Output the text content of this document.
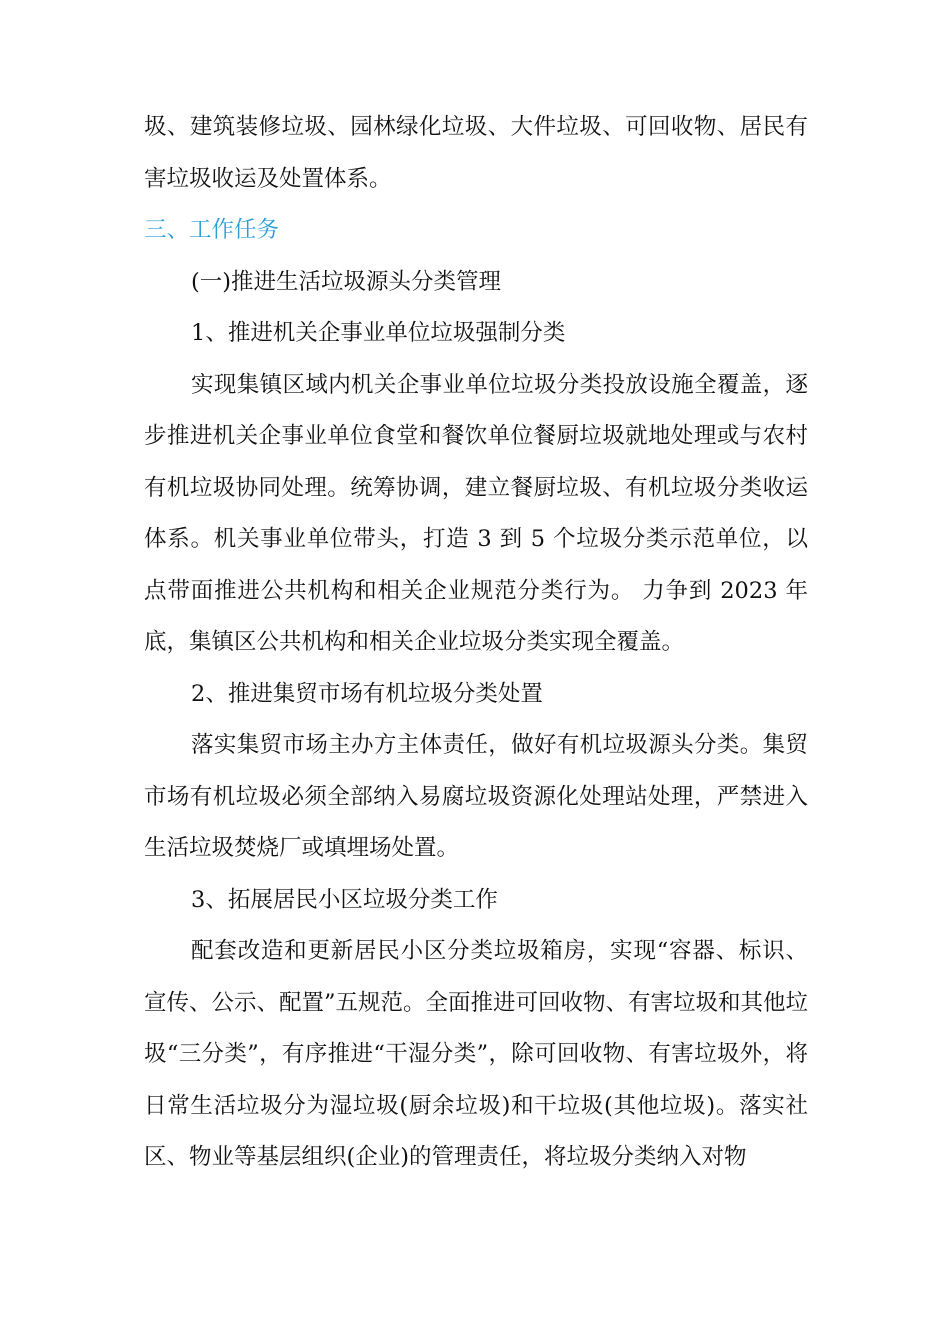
圾、建筑装修垃圾、园林绿化垃圾、大件垃圾、可回收物、居民有害垃圾收运及处置体系。

三、工作任务

(一)推进生活垃圾源头分类管理

1、推进机关企事业单位垃圾强制分类

实现集镇区域内机关企事业单位垃圾分类投放设施全覆盖，逐步推进机关企事业单位食堂和餐饮单位餐厨垃圾就地处理或与农村有机垃圾协同处理。统筹协调，建立餐厨垃圾、有机垃圾分类收运体系。机关事业单位带头，打造 3 到 5 个垃圾分类示范单位，以点带面推进公共机构和相关企业规范分类行为。 力争到 2023 年底，集镇区公共机构和相关企业垃圾分类实现全覆盖。

2、推进集贸市场有机垃圾分类处置

落实集贸市场主办方主体责任，做好有机垃圾源头分类。集贸市场有机垃圾必须全部纳入易腐垃圾资源化处理站处理，严禁进入生活垃圾焚烧厂或填埋场处置。

3、拓展居民小区垃圾分类工作

配套改造和更新居民小区分类垃圾箱房，实现“容器、标识、宣传、公示、配置”五规范。全面推进可回收物、有害垃圾和其他垃圾“三分类”，有序推进“干湿分类”，除可回收物、有害垃圾外，将日常生活垃圾分为湿垃圾(厨余垃圾)和干垃圾(其他垃圾)。落实社区、物业等基层组织(企业)的管理责任，将垃圾分类纳入对物
